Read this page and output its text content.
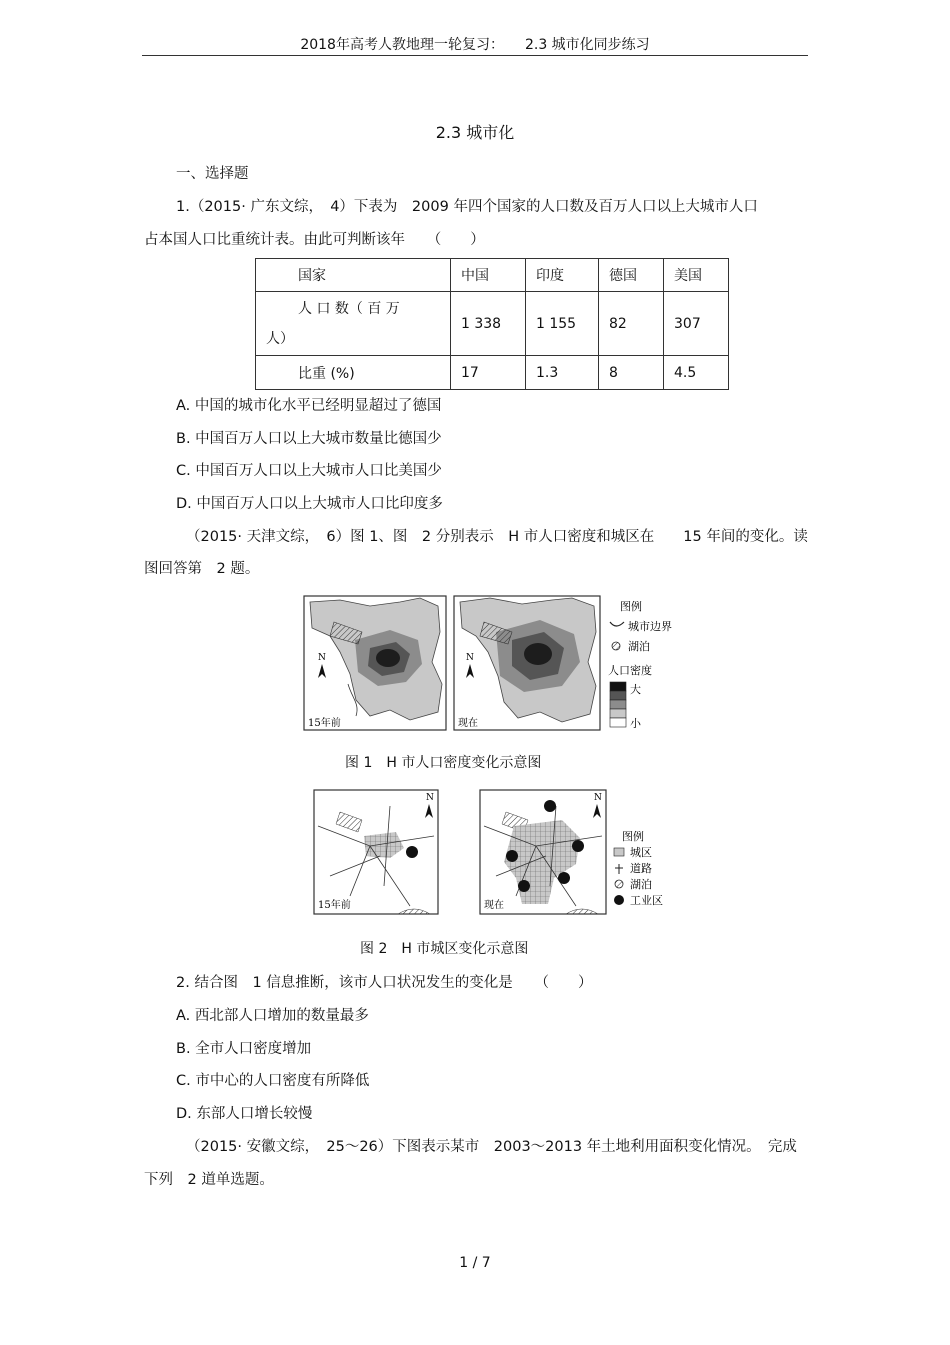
2018年高考人教地理一轮复习：　　2.3 城市化同步练习
2.3 城市化
一、选择题
1.（2015· 广东文综，　4）下表为　2009 年四个国家的人口数及百万人口以上大城市人口
占本国人口比重统计表。由此可判断该年　　（　　）
国家	中国	印度	德国	美国

人 口 数（ 百 万
人）	1 338	1 155	82	307
比重 (%)	17	1.3	8	4.5
A. 中国的城市化水平已经明显超过了德国
B. 中国百万人口以上大城市数量比德国少
C. 中国百万人口以上大城市人口比美国少
D. 中国百万人口以上大城市人口比印度多
（2015· 天津文综，　6）图 1、图　2 分别表示　H 市人口密度和城区在　　15 年间的变化。读
图回答第　2 题。
N
15年前
N
现在
图例
城市边界
湖泊
人口密度
大
小
图 1　H 市人口密度变化示意图
N
15年前
N
现在
图例
城区
道路
湖泊
工业区
图 2　H 市城区变化示意图
2. 结合图　1 信息推断，该市人口状况发生的变化是　　（　　）
A. 西北部人口增加的数量最多
B. 全市人口密度增加
C. 市中心的人口密度有所降低
D. 东部人口增长较慢
（2015· 安徽文综，　25～26）下图表示某市　2003～2013 年土地利用面积变化情况。　完成
下列　2 道单选题。
1 / 7
